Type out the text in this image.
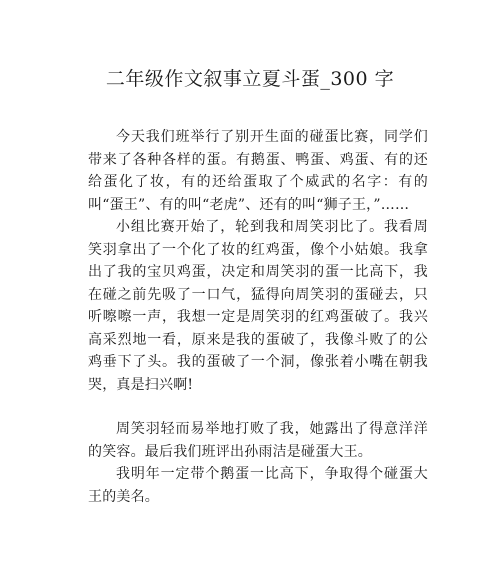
二年级作文叙事立夏斗蛋_300 字

今天我们班举行了别开生面的碰蛋比赛，同学们带来了各种各样的蛋。有鹅蛋、鸭蛋、鸡蛋、有的还给蛋化了妆，有的还给蛋取了个威武的名字：有的叫“蛋王”、有的叫“老虎”、还有的叫“狮子王，”……

小组比赛开始了，轮到我和周笑羽比了。我看周笑羽拿出了一个化了妆的红鸡蛋，像个小姑娘。我拿出了我的宝贝鸡蛋，决定和周笑羽的蛋一比高下，我在碰之前先吸了一口气，猛得向周笑羽的蛋碰去，只听嚓嚓一声，我想一定是周笑羽的红鸡蛋破了。我兴高采烈地一看，原来是我的蛋破了，我像斗败了的公鸡垂下了头。我的蛋破了一个洞，像张着小嘴在朝我哭，真是扫兴啊!

周笑羽轻而易举地打败了我，她露出了得意洋洋的笑容。最后我们班评出孙雨洁是碰蛋大王。

我明年一定带个鹅蛋一比高下，争取得个碰蛋大王的美名。
